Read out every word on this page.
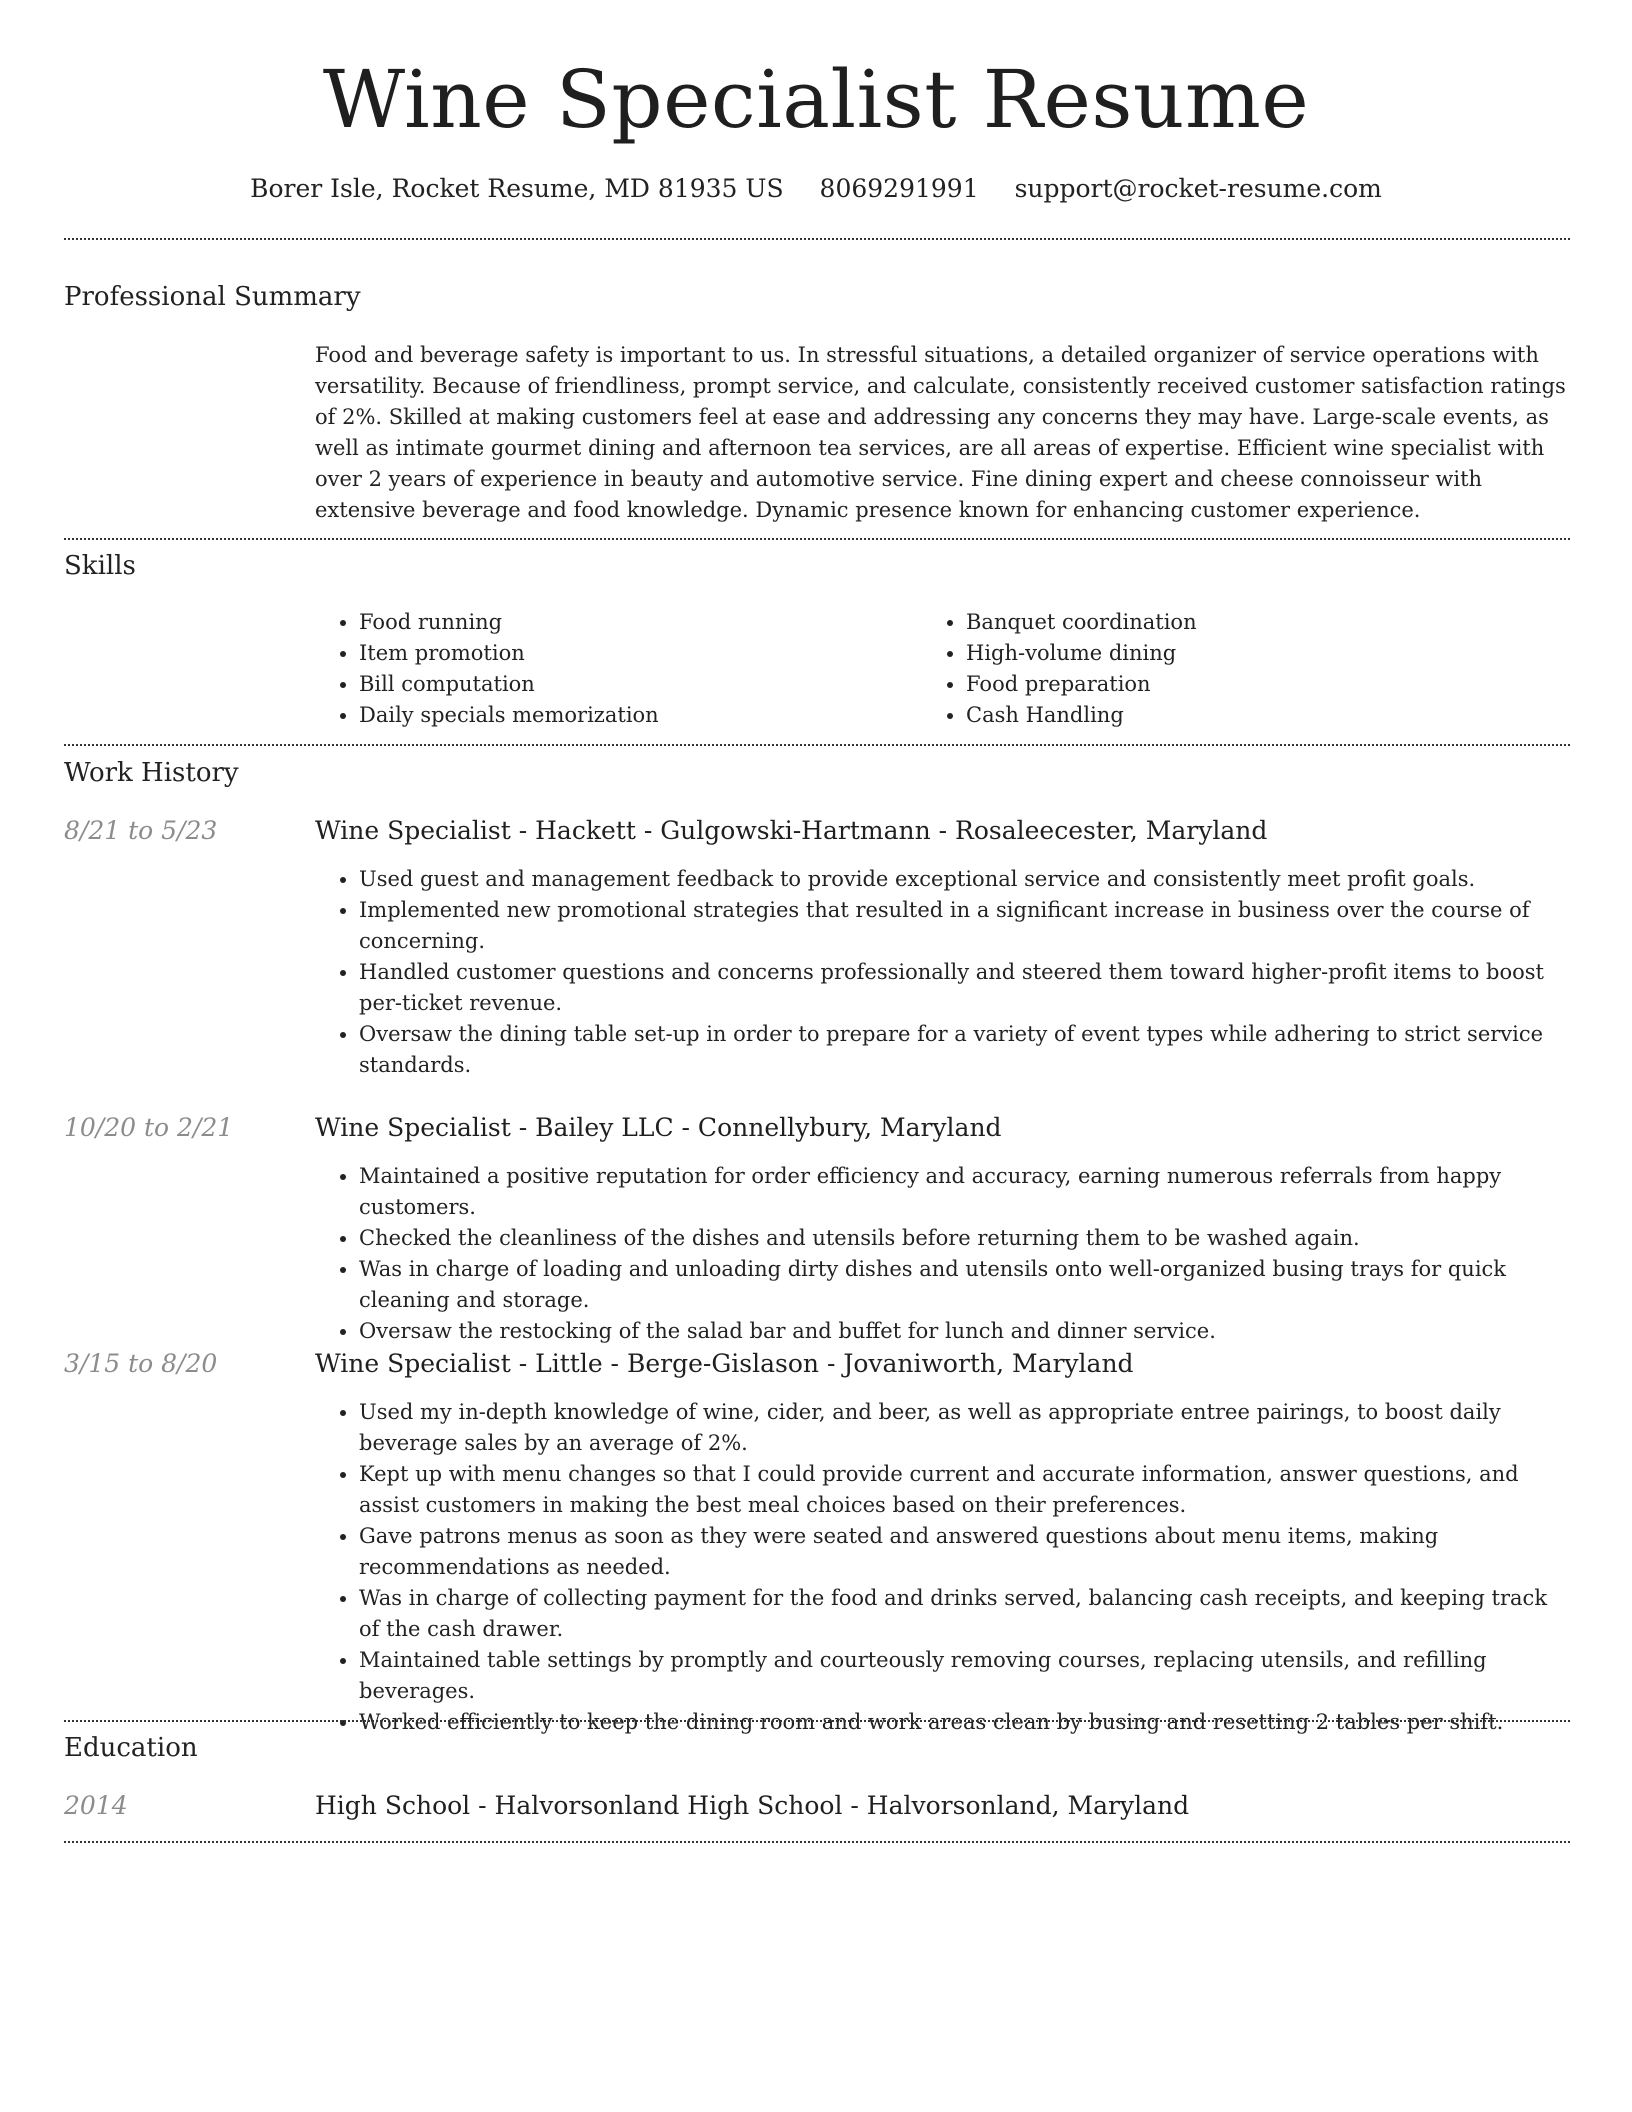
Wine Specialist Resume
Borer Isle, Rocket Resume, MD 81935 US 8069291991 support@rocket-resume.com
Professional Summary
Food and beverage safety is important to us. In stressful situations, a detailed organizer of service operations with versatility. Because of friendliness, prompt service, and calculate, consistently received customer satisfaction ratings of 2%. Skilled at making customers feel at ease and addressing any concerns they may have. Large-scale events, as well as intimate gourmet dining and afternoon tea services, are all areas of expertise. Efficient wine specialist with over 2 years of experience in beauty and automotive service. Fine dining expert and cheese connoisseur with extensive beverage and food knowledge. Dynamic presence known for enhancing customer experience.
Skills
• Food running
• Item promotion
• Bill computation
• Daily specials memorization
• Banquet coordination
• High-volume dining
• Food preparation
• Cash Handling
Work History
8/21 to 5/23	Wine Specialist - Hackett - Gulgowski-Hartmann - Rosaleecester, Maryland
• Used guest and management feedback to provide exceptional service and consistently meet profit goals.
• Implemented new promotional strategies that resulted in a significant increase in business over the course of concerning.
• Handled customer questions and concerns professionally and steered them toward higher-profit items to boost per-ticket revenue.
• Oversaw the dining table set-up in order to prepare for a variety of event types while adhering to strict service standards.
10/20 to 2/21	Wine Specialist - Bailey LLC - Connellybury, Maryland
• Maintained a positive reputation for order efficiency and accuracy, earning numerous referrals from happy customers.
• Checked the cleanliness of the dishes and utensils before returning them to be washed again.
• Was in charge of loading and unloading dirty dishes and utensils onto well-organized busing trays for quick cleaning and storage.
• Oversaw the restocking of the salad bar and buffet for lunch and dinner service.
3/15 to 8/20	Wine Specialist - Little - Berge-Gislason - Jovaniworth, Maryland
• Used my in-depth knowledge of wine, cider, and beer, as well as appropriate entree pairings, to boost daily beverage sales by an average of 2%.
• Kept up with menu changes so that I could provide current and accurate information, answer questions, and assist customers in making the best meal choices based on their preferences.
• Gave patrons menus as soon as they were seated and answered questions about menu items, making recommendations as needed.
• Was in charge of collecting payment for the food and drinks served, balancing cash receipts, and keeping track of the cash drawer.
• Maintained table settings by promptly and courteously removing courses, replacing utensils, and refilling beverages.
• Worked efficiently to keep the dining room and work areas clean by busing and resetting 2 tables per shift.
Education
2014	High School - Halvorsonland High School - Halvorsonland, Maryland
